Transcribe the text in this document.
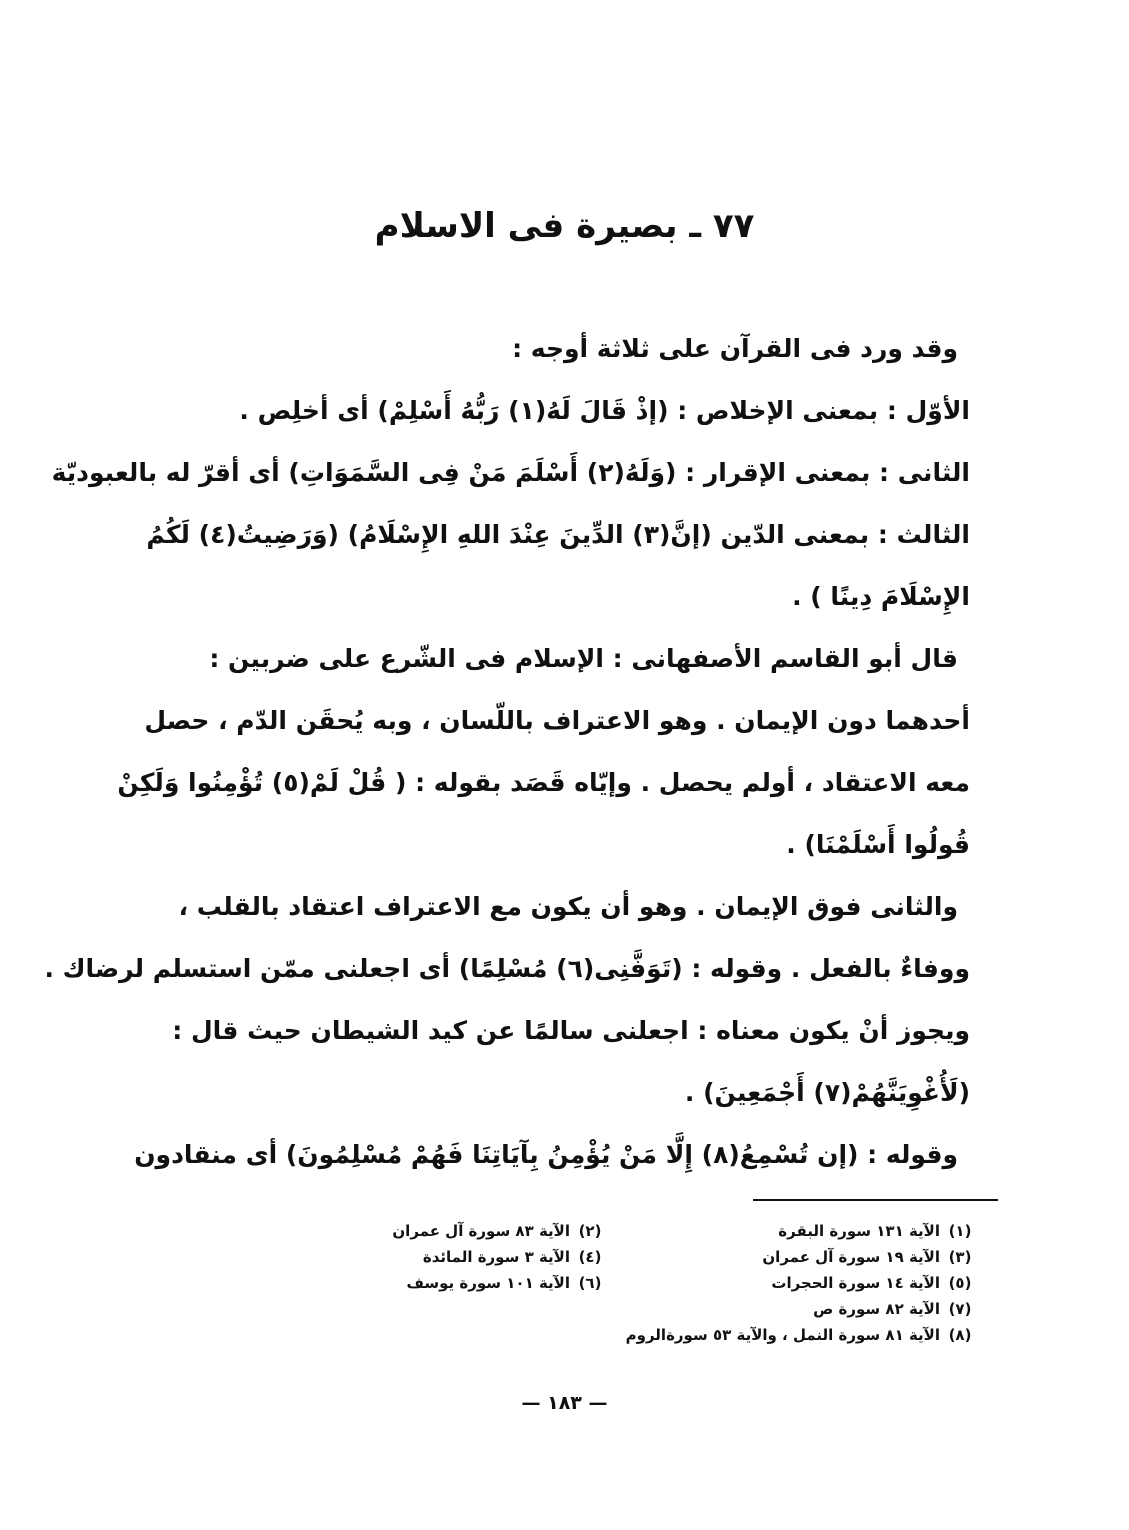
٧٧ ـ بصيرة فى الاسلام
وقد ورد فى القرآن على ثلاثة أوجه :
الأوّل : بمعنى الإخلاص : (إذْ قَالَ لَهُ(١) رَبُّهُ أَسْلِمْ) أى أخلِص .
الثانى : بمعنى الإقرار : (وَلَهُ(٢) أَسْلَمَ مَنْ فِى السَّمَوَاتِ) أى أقرّ له بالعبوديّة
الثالث : بمعنى الدّين (إنَّ(٣) الدِّينَ عِنْدَ اللهِ الإِسْلَامُ) (وَرَضِيتُ(٤) لَكُمُ
الإِسْلَامَ دِينًا ) .
قال أبو القاسم الأصفهانى : الإسلام فى الشّرع على ضربين :
أحدهما دون الإيمان . وهو الاعتراف باللّسان ، وبه يُحقَن الدّم ، حصل
معه الاعتقاد ، أولم يحصل . وإيّاه قَصَد بقوله : ( قُلْ لَمْ(٥) تُؤْمِنُوا وَلَكِنْ
قُولُوا أَسْلَمْنَا) .
والثانى فوق الإيمان . وهو أن يكون مع الاعتراف اعتقاد بالقلب ،
ووفاءٌ بالفعل . وقوله : (تَوَفَّنِى(٦) مُسْلِمًا) أى اجعلنى ممّن استسلم لرضاك .
ويجوز أنْ يكون معناه : اجعلنى سالمًا عن كيد الشيطان حيث قال :
(لَأُغْوِيَنَّهُمْ(٧) أَجْمَعِينَ) .
وقوله : (إن تُسْمِعُ(٨) إِلَّا مَنْ يُؤْمِنُ بِآيَاتِنَا فَهُمْ مُسْلِمُونَ) أى منقادون
(١)
الآية ١٣١ سورة البقرة
(٢)
الآية ٨٣ سورة آل عمران
(٣)
الآية ١٩ سورة آل عمران
(٤)
الآية ٣ سورة المائدة
(٥)
الآية ١٤ سورة الحجرات
(٦)
الآية ١٠١ سورة يوسف
(٧)
الآية ٨٢ سورة ص
(٨)
الآية ٨١ سورة النمل ، والآية ٥٣ سورةالروم
— ١٨٣ —
